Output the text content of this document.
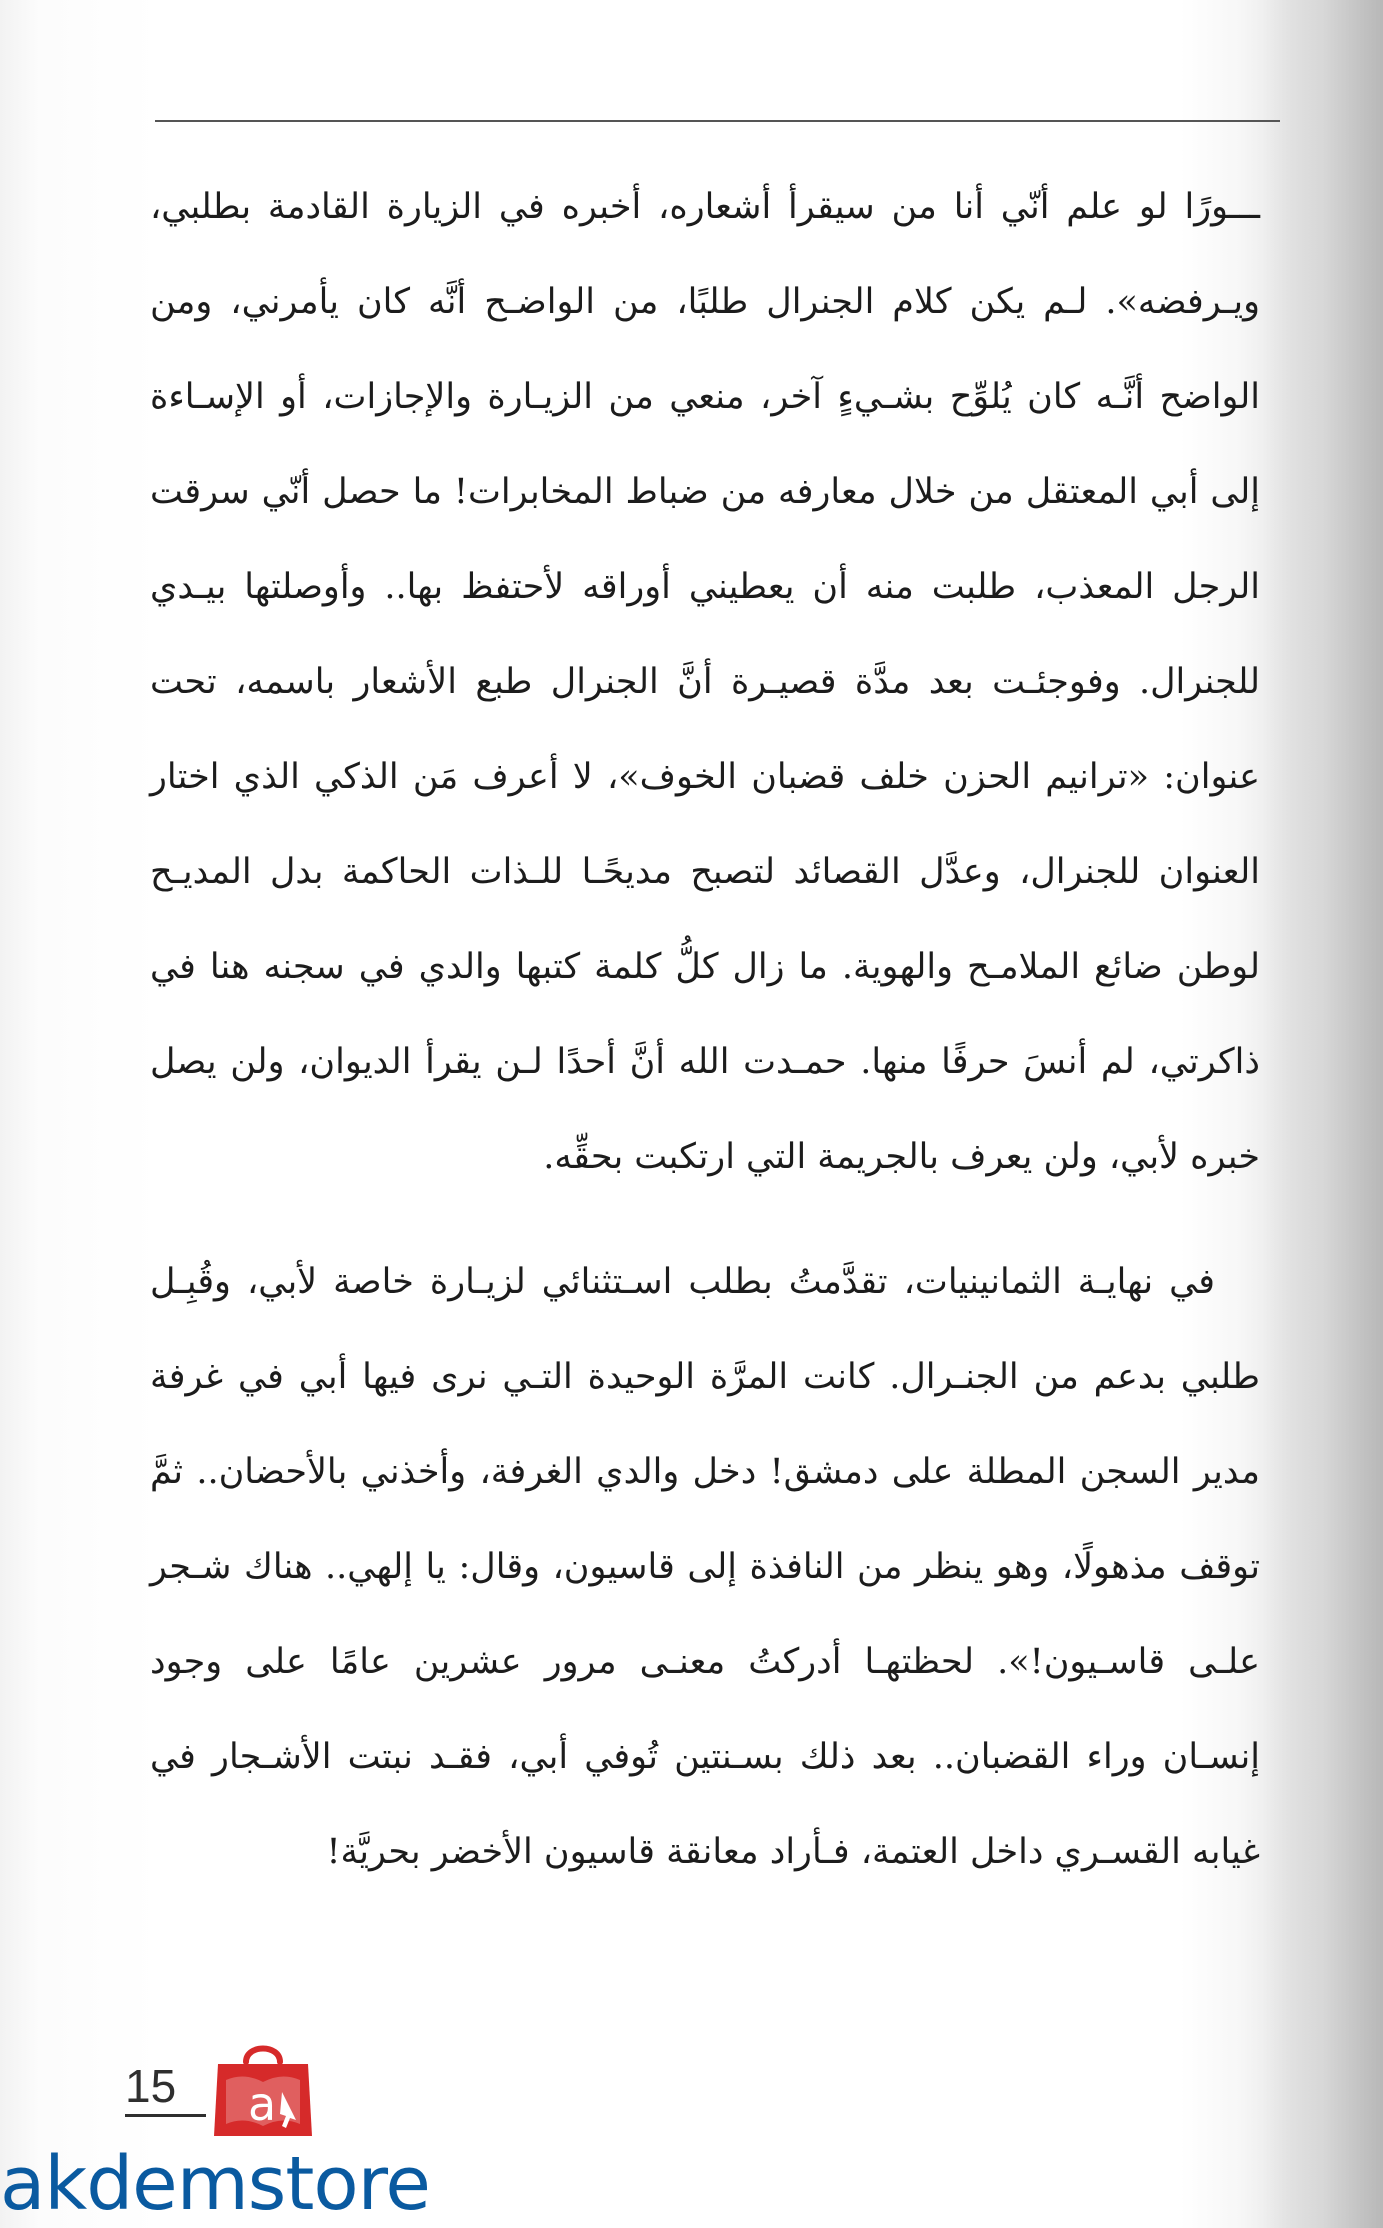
ـــورًا لو علم أنّي أنا من سيقرأ أشعاره، أخبره في الزيارة القادمة بطلبي، ويـرفضه». لـم يكن كلام الجنرال طلبًا، من الواضـح أنَّه كان يأمرني، ومن الواضح أنَّـه كان يُلوِّح بشـيءٍ آخر، منعي من الزيـارة والإجازات، أو الإسـاءة إلى أبي المعتقل من خلال معارفه من ضباط المخابرات! ما حصل أنّي سرقت الرجل المعذب، طلبت منه أن يعطيني أوراقه لأحتفظ بها.. وأوصلتها بيـدي للجنرال. وفوجئـت بعد مدَّة قصيـرة أنَّ الجنرال طبع الأشعار باسمه، تحت عنوان: «ترانيم الحزن خلف قضبان الخوف»، لا أعرف مَن الذكي الذي اختار العنوان للجنرال، وعدَّل القصائد لتصبح مديحًـا للـذات الحاكمة بدل المديـح لوطن ضائع الملامـح والهوية. ما زال كلُّ كلمة كتبها والدي في سجنه هنا في ذاكرتي، لم أنسَ حرفًا منها. حمـدت الله أنَّ أحدًا لـن يقرأ الديوان، ولن يصل خبره لأبي، ولن يعرف بالجريمة التي ارتكبت بحقِّه.

في نهايـة الثمانينيات، تقدَّمتُ بطلب اسـتثنائي لزيـارة خاصة لأبي، وقُبِـل طلبي بدعم من الجنـرال. كانت المرَّة الوحيدة التـي نرى فيها أبي في غرفة مدير السجن المطلة على دمشق! دخل والدي الغرفة، وأخذني بالأحضان.. ثمَّ توقف مذهولًا، وهو ينظر من النافذة إلى قاسيون، وقال: يا إلهي.. هناك شـجر علـى قاسـيون!». لحظتهـا أدركتُ معنـى مرور عشرين عامًا على وجود إنسـان وراء القضبان.. بعد ذلك بسـنتين تُوفي أبي، فقـد نبتت الأشـجار في غيابه القسـري داخل العتمة، فـأراد معانقة قاسيون الأخضر بحريَّة!

15	a
akdemstore
